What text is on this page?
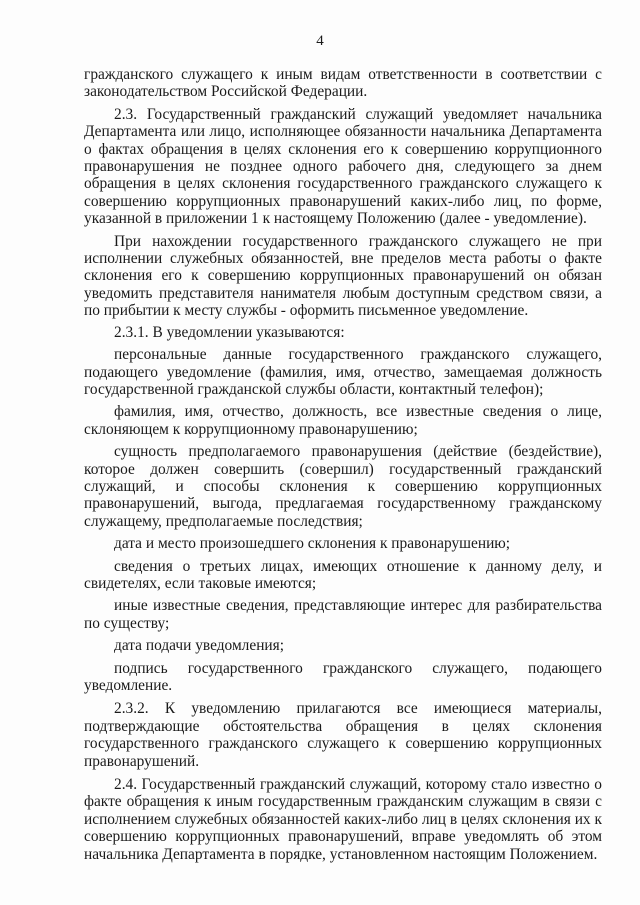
4

гражданского служащего к иным видам ответственности в соответствии с законодательством Российской Федерации.

2.3. Государственный гражданский служащий уведомляет начальника Департамента или лицо, исполняющее обязанности начальника Департамента о фактах обращения в целях склонения его к совершению коррупционного правонарушения не позднее одного рабочего дня, следующего за днем обращения в целях склонения государственного гражданского служащего к совершению коррупционных правонарушений каких-либо лиц, по форме, указанной в приложении 1 к настоящему Положению (далее - уведомление).

При нахождении государственного гражданского служащего не при исполнении служебных обязанностей, вне пределов места работы о факте склонения его к совершению коррупционных правонарушений он обязан уведомить представителя нанимателя любым доступным средством связи, а по прибытии к месту службы - оформить письменное уведомление.

2.3.1. В уведомлении указываются:

персональные данные государственного гражданского служащего, подающего уведомление (фамилия, имя, отчество, замещаемая должность государственной гражданской службы области, контактный телефон);

фамилия, имя, отчество, должность, все известные сведения о лице, склоняющем к коррупционному правонарушению;

сущность предполагаемого правонарушения (действие (бездействие), которое должен совершить (совершил) государственный гражданский служащий, и способы склонения к совершению коррупционных правонарушений, выгода, предлагаемая государственному гражданскому служащему, предполагаемые последствия;

дата и место произошедшего склонения к правонарушению;

сведения о третьих лицах, имеющих отношение к данному делу, и свидетелях, если таковые имеются;

иные известные сведения, представляющие интерес для разбирательства по существу;

дата подачи уведомления;

подпись государственного гражданского служащего, подающего уведомление.

2.3.2. К уведомлению прилагаются все имеющиеся материалы, подтверждающие обстоятельства обращения в целях склонения государственного гражданского служащего к совершению коррупционных правонарушений.

2.4. Государственный гражданский служащий, которому стало известно о факте обращения к иным государственным гражданским служащим в связи с исполнением служебных обязанностей каких-либо лиц в целях склонения их к совершению коррупционных правонарушений, вправе уведомлять об этом начальника Департамента в порядке, установленном настоящим Положением.
